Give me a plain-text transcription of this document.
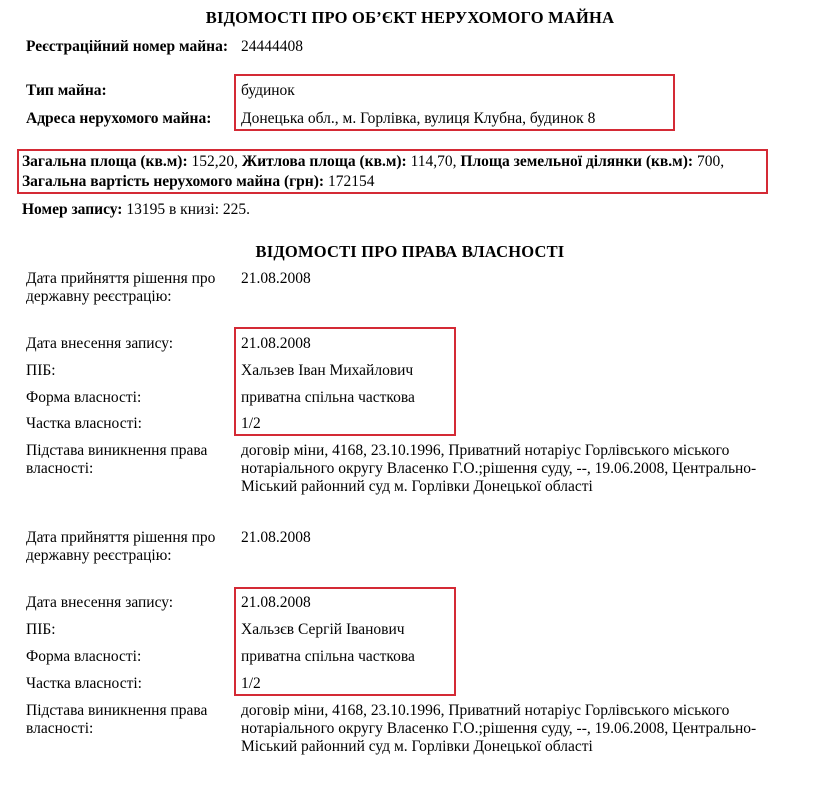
ВІДОМОСТІ ПРО ОБ’ЄКТ НЕРУХОМОГО МАЙНА
Реєстраційний номер майна: 24444408
Тип майна:	будинок
Адреса нерухомого майна:	Донецька обл., м. Горлівка, вулиця Клубна, будинок 8
Загальна площа (кв.м): 152,20, Житлова площа (кв.м): 114,70, Площа земельної ділянки (кв.м): 700, Загальна вартість нерухомого майна (грн): 172154
Номер запису: 13195 в книзі: 225.
ВІДОМОСТІ ПРО ПРАВА ВЛАСНОСТІ
Дата прийняття рішення про державну реєстрацію:
21.08.2008
Дата внесення запису:	21.08.2008
ПІБ:	Хальзев Іван Михайлович
Форма власності:	приватна спільна часткова
Частка власності:	1/2
Підстава виникнення права власності:
договір міни, 4168, 23.10.1996, Приватний нотаріус Горлівського міського нотаріального округу Власенко Г.О.;рішення суду, --, 19.06.2008, Центрально-Міський районний суд м. Горлівки Донецької області
Дата прийняття рішення про державну реєстрацію:
21.08.2008
Дата внесення запису:	21.08.2008
ПІБ:	Хальзєв Сергій Іванович
Форма власності:	приватна спільна часткова
Частка власності:	1/2
Підстава виникнення права власності:
договір міни, 4168, 23.10.1996, Приватний нотаріус Горлівського міського нотаріального округу Власенко Г.О.;рішення суду, --, 19.06.2008, Центрально-Міський районний суд м. Горлівки Донецької області
